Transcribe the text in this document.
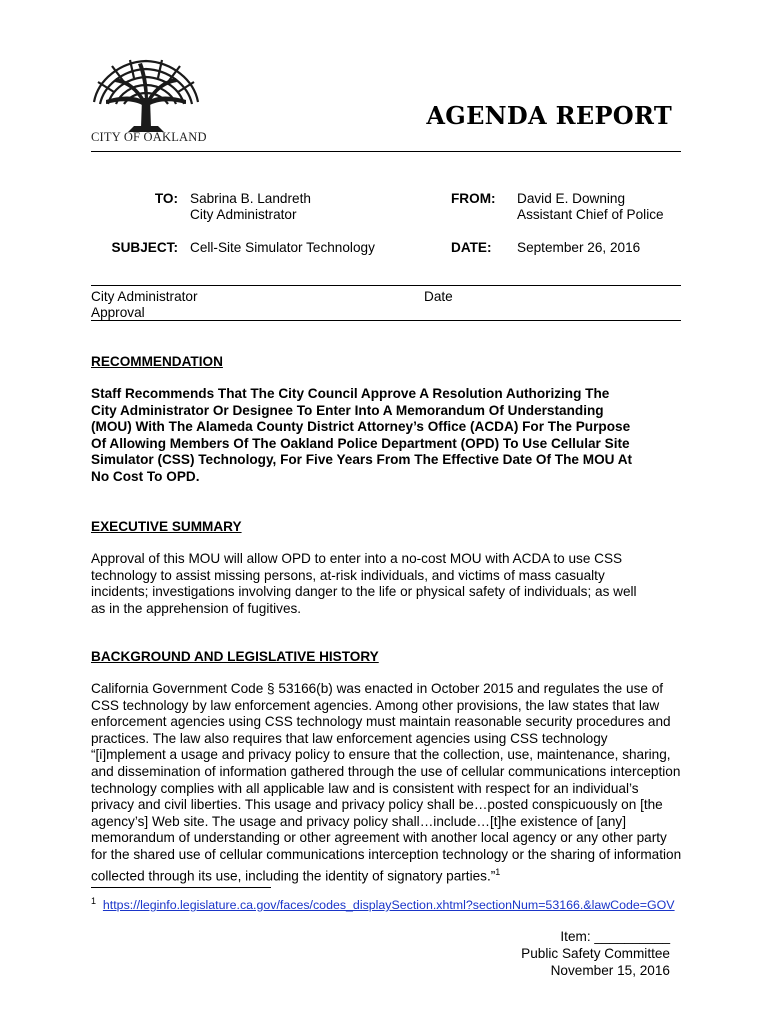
CITY OF OAKLAND
AGENDA REPORT
TO: Sabrina B. Landreth
City Administrator
FROM: David E. Downing
Assistant Chief of Police
SUBJECT: Cell-Site Simulator Technology	DATE: September 26, 2016
City Administrator
Approval
Date
RECOMMENDATION
Staff Recommends That The City Council Approve A Resolution Authorizing The City Administrator Or Designee To Enter Into A Memorandum Of Understanding (MOU) With The Alameda County District Attorney’s Office (ACDA) For The Purpose Of Allowing Members Of The Oakland Police Department (OPD) To Use Cellular Site Simulator (CSS) Technology, For Five Years From The Effective Date Of The MOU At No Cost To OPD.
EXECUTIVE SUMMARY
Approval of this MOU will allow OPD to enter into a no-cost MOU with ACDA to use CSS technology to assist missing persons, at-risk individuals, and victims of mass casualty incidents; investigations involving danger to the life or physical safety of individuals; as well as in the apprehension of fugitives.
BACKGROUND AND LEGISLATIVE HISTORY
California Government Code § 53166(b) was enacted in October 2015 and regulates the use of CSS technology by law enforcement agencies. Among other provisions, the law states that law enforcement agencies using CSS technology must maintain reasonable security procedures and practices. The law also requires that law enforcement agencies using CSS technology “[i]mplement a usage and privacy policy to ensure that the collection, use, maintenance, sharing, and dissemination of information gathered through the use of cellular communications interception technology complies with all applicable law and is consistent with respect for an individual’s privacy and civil liberties. This usage and privacy policy shall be…posted conspicuously on [the agency’s] Web site. The usage and privacy policy shall…include…[t]he existence of [any] memorandum of understanding or other agreement with another local agency or any other party for the shared use of cellular communications interception technology or the sharing of information collected through its use, including the identity of signatory parties.”$^1$
$^1$ https://leginfo.legislature.ca.gov/faces/codes_displaySection.xhtml?sectionNum=53166.&lawCode=GOV
Item: __________
Public Safety Committee
November 15, 2016
